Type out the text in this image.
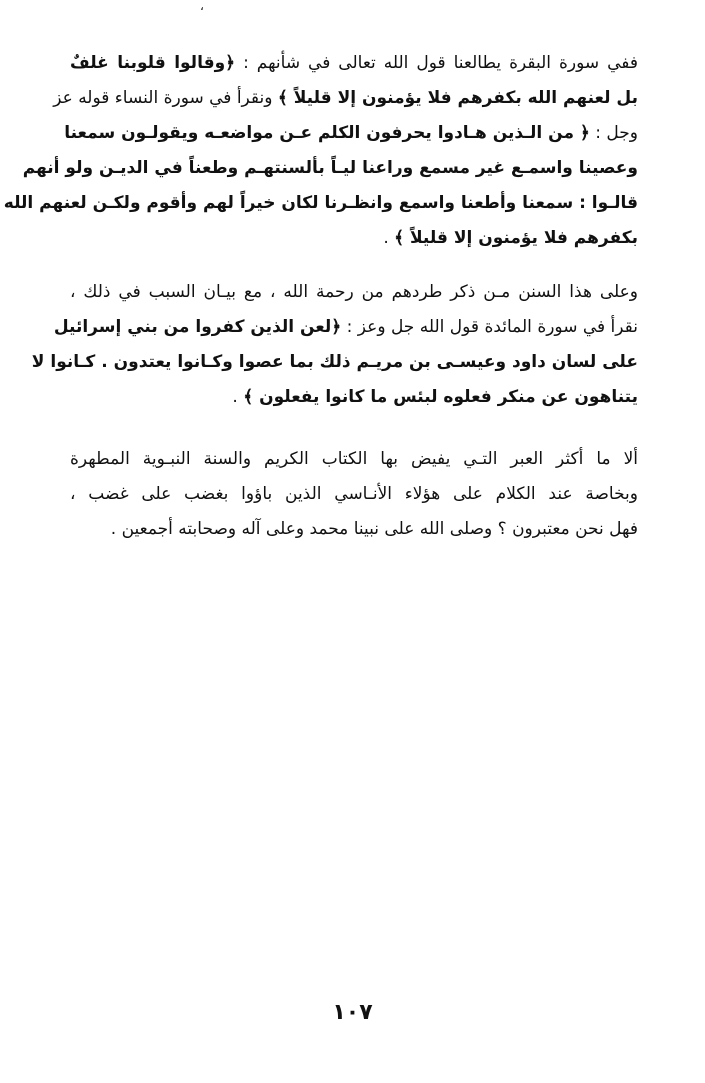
،
ففي سورة البقرة يطالعنا قول الله تعالى في شأنهم : ﴿وقالوا قلوبنا غلفٌ
بل لعنهم الله بكفرهم فلا يؤمنون إلا قليلاً ﴾ ونقرأ في سورة النساء قوله عز
وجل : ﴿ من الـذين هـادوا يحرفون الكلم عـن مواضعـه ويقولـون سمعنا
وعصينا واسمـع غير مسمع وراعنا ليـاً بألسنتهـم وطعناً في الديـن ولو أنهم
قالـوا : سمعنا وأطعنا واسمع وانظـرنا لكان خيراً لهم وأقوم ولكـن لعنهم الله
بكفرهم فلا يؤمنون إلا قليلاً ﴾ .
وعلى هذا السنن مـن ذكر طردهم من رحمة الله ، مع بيـان السبب في ذلك ،
نقرأ في سورة المائدة قول الله جل وعز : ﴿لعن الذين كفروا من بني إسرائيل
على لسان داود وعيسـى بن مريـم ذلك بما عصوا وكـانوا يعتدون . كـانوا لا
يتناهون عن منكر فعلوه لبئس ما كانوا يفعلون ﴾ .
ألا ما أكثر العبر التـي يفيض بها الكتاب الكريم والسنة النبـوية المطهرة
وبخاصة عند الكلام على هؤلاء الأنـاسي الذين باؤوا بغضب على غضب ،
فهل نحن معتبرون ؟ وصلى الله على نبينا محمد وعلى آله وصحابته أجمعين .
١٠٧
